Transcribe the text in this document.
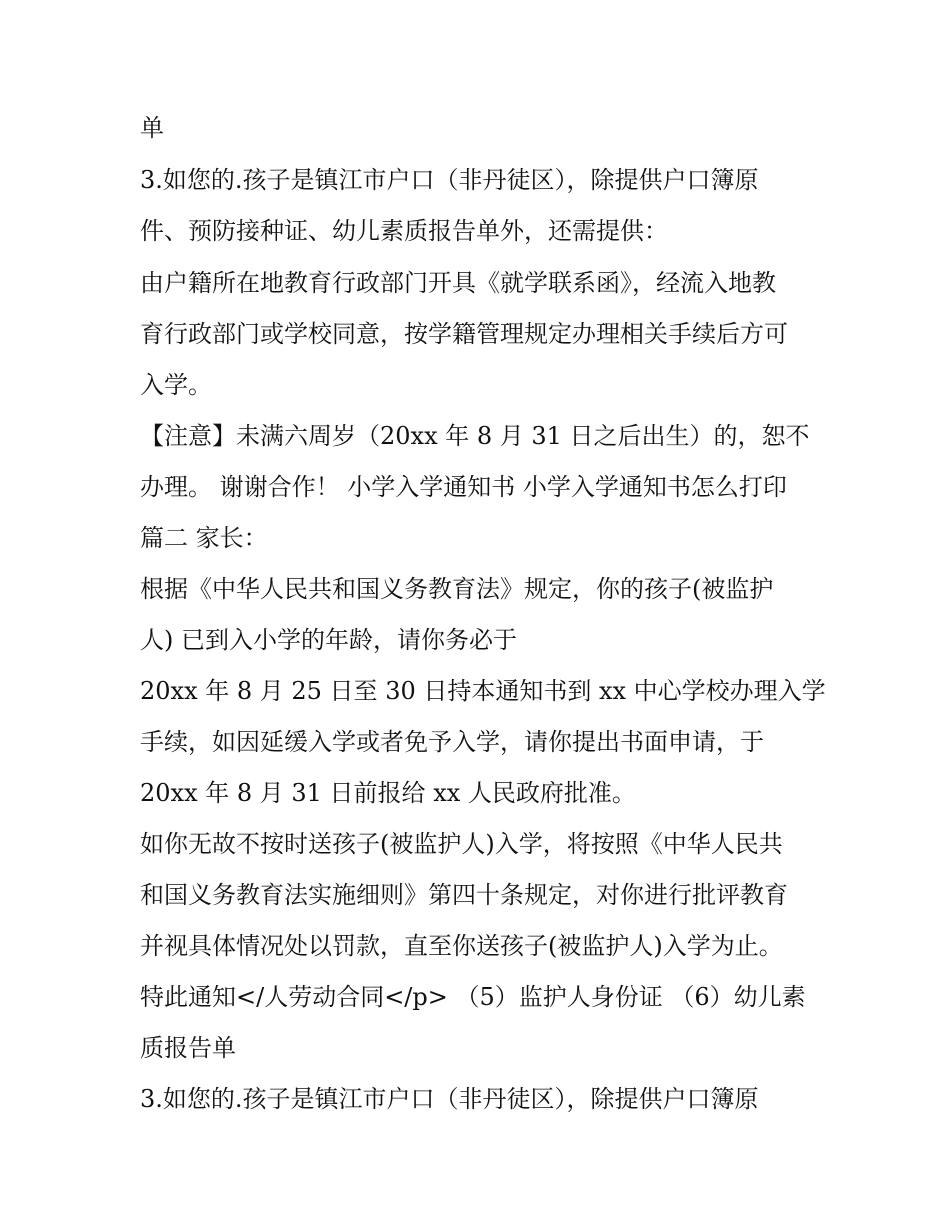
单
3.如您的.孩子是镇江市户口（非丹徒区），除提供户口簿原
件、预防接种证、幼儿素质报告单外，还需提供：
由户籍所在地教育行政部门开具《就学联系函》，经流入地教
育行政部门或学校同意，按学籍管理规定办理相关手续后方可
入学。
【注意】未满六周岁（20xx 年 8 月 31 日之后出生）的，恕不
办理。 谢谢合作！ 小学入学通知书 小学入学通知书怎么打印
篇二 家长：
根据《中华人民共和国义务教育法》规定，你的孩子(被监护
人) 已到入小学的年龄，请你务必于
20xx 年 8 月 25 日至 30 日持本通知书到 xx 中心学校办理入学
手续，如因延缓入学或者免予入学，请你提出书面申请，于
20xx 年 8 月 31 日前报给 xx 人民政府批准。
如你无故不按时送孩子(被监护人)入学，将按照《中华人民共
和国义务教育法实施细则》第四十条规定，对你进行批评教育
并视具体情况处以罚款，直至你送孩子(被监护人)入学为止。
特此通知</人劳动合同</p> （5）监护人身份证 （6）幼儿素
质报告单
3.如您的.孩子是镇江市户口（非丹徒区），除提供户口簿原
